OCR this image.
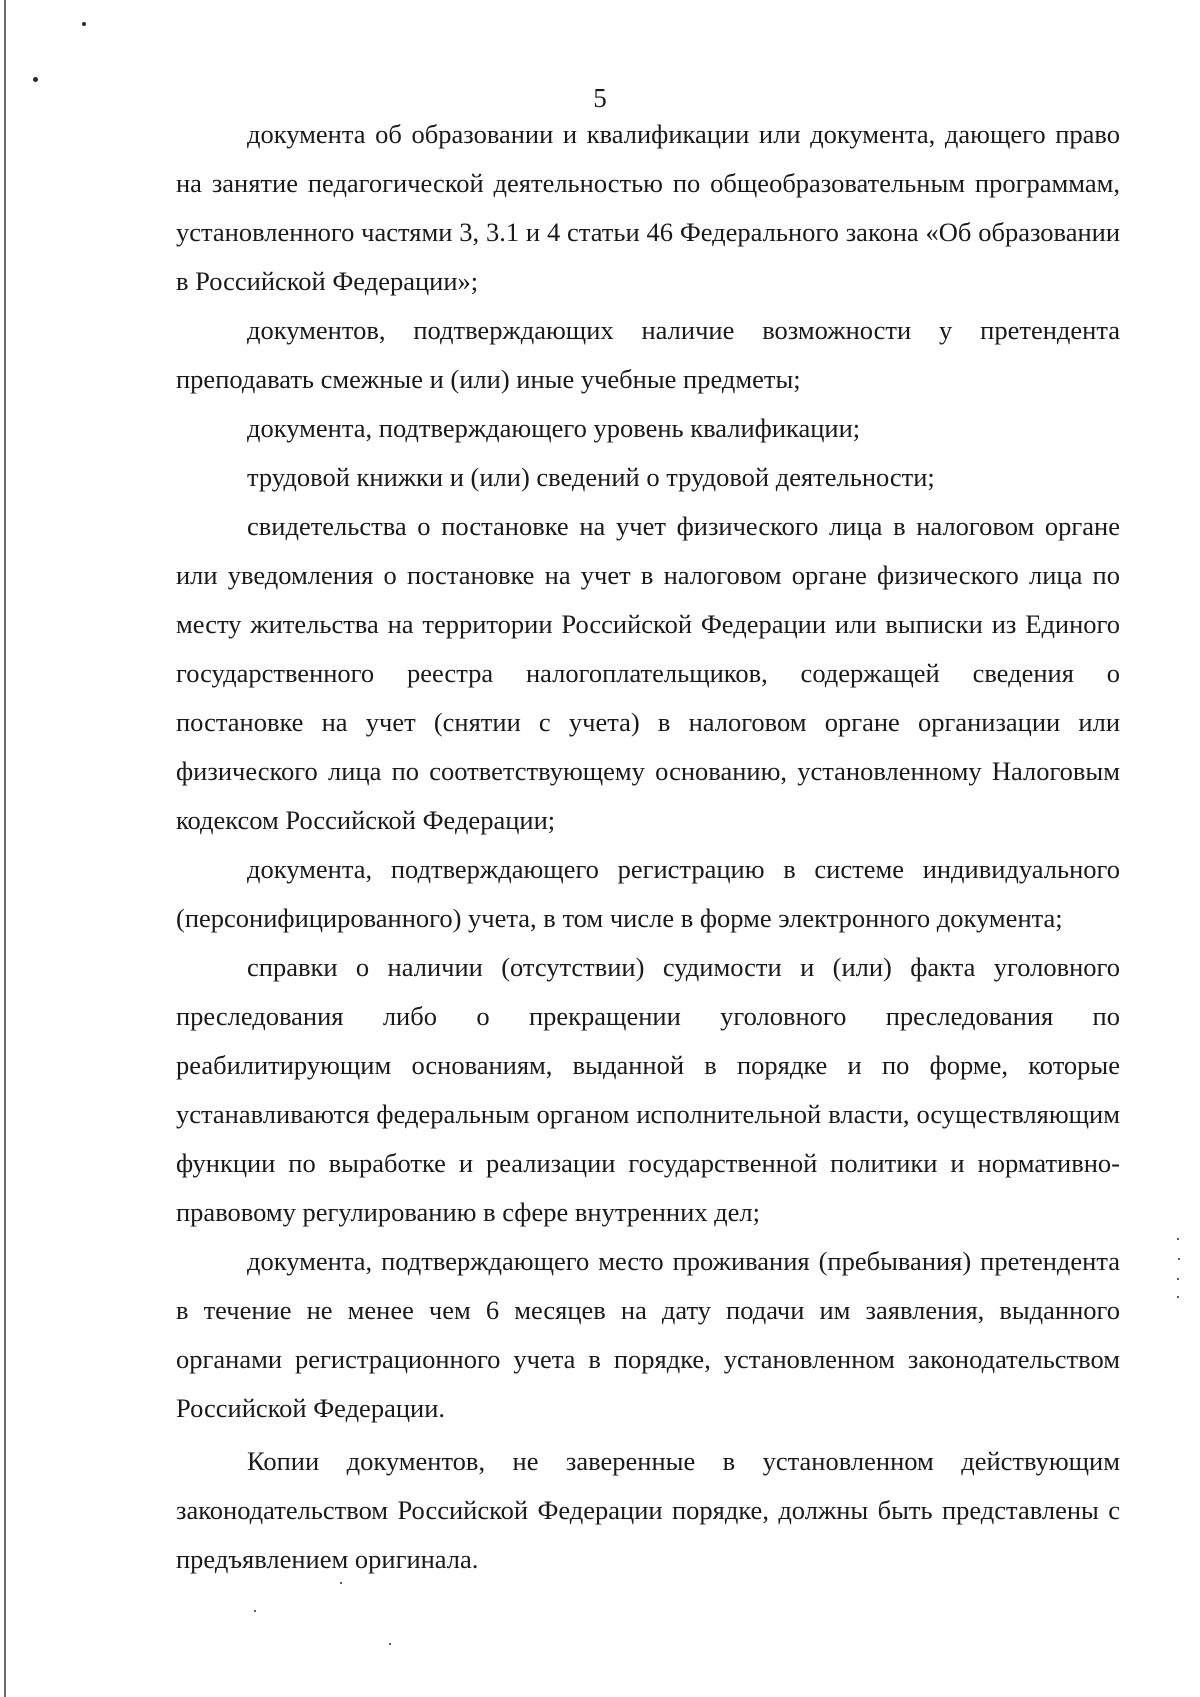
5

документа об образовании и квалификации или документа, дающего право на занятие педагогической деятельностью по общеобразовательным программам, установленного частями 3, 3.1 и 4 статьи 46 Федерального закона «Об образовании в Российской Федерации»;

документов, подтверждающих наличие возможности у претендента преподавать смежные и (или) иные учебные предметы;

документа, подтверждающего уровень квалификации;

трудовой книжки и (или) сведений о трудовой деятельности;

свидетельства о постановке на учет физического лица в налоговом органе или уведомления о постановке на учет в налоговом органе физического лица по месту жительства на территории Российской Федерации или выписки из Единого государственного реестра налогоплательщиков, содержащей сведения о постановке на учет (снятии с учета) в налоговом органе организации или физического лица по соответствующему основанию, установленному Налоговым кодексом Российской Федерации;

документа, подтверждающего регистрацию в системе индивидуального (персонифицированного) учета, в том числе в форме электронного документа;

справки о наличии (отсутствии) судимости и (или) факта уголовного преследования либо о прекращении уголовного преследования по реабилитирующим основаниям, выданной в порядке и по форме, которые устанавливаются федеральным органом исполнительной власти, осуществляющим функции по выработке и реализации государственной политики и нормативно-правовому регулированию в сфере внутренних дел;

документа, подтверждающего место проживания (пребывания) претендента в течение не менее чем 6 месяцев на дату подачи им заявления, выданного органами регистрационного учета в порядке, установленном законодательством Российской Федерации.

Копии документов, не заверенные в установленном действующим законодательством Российской Федерации порядке, должны быть представлены с предъявлением оригинала.
